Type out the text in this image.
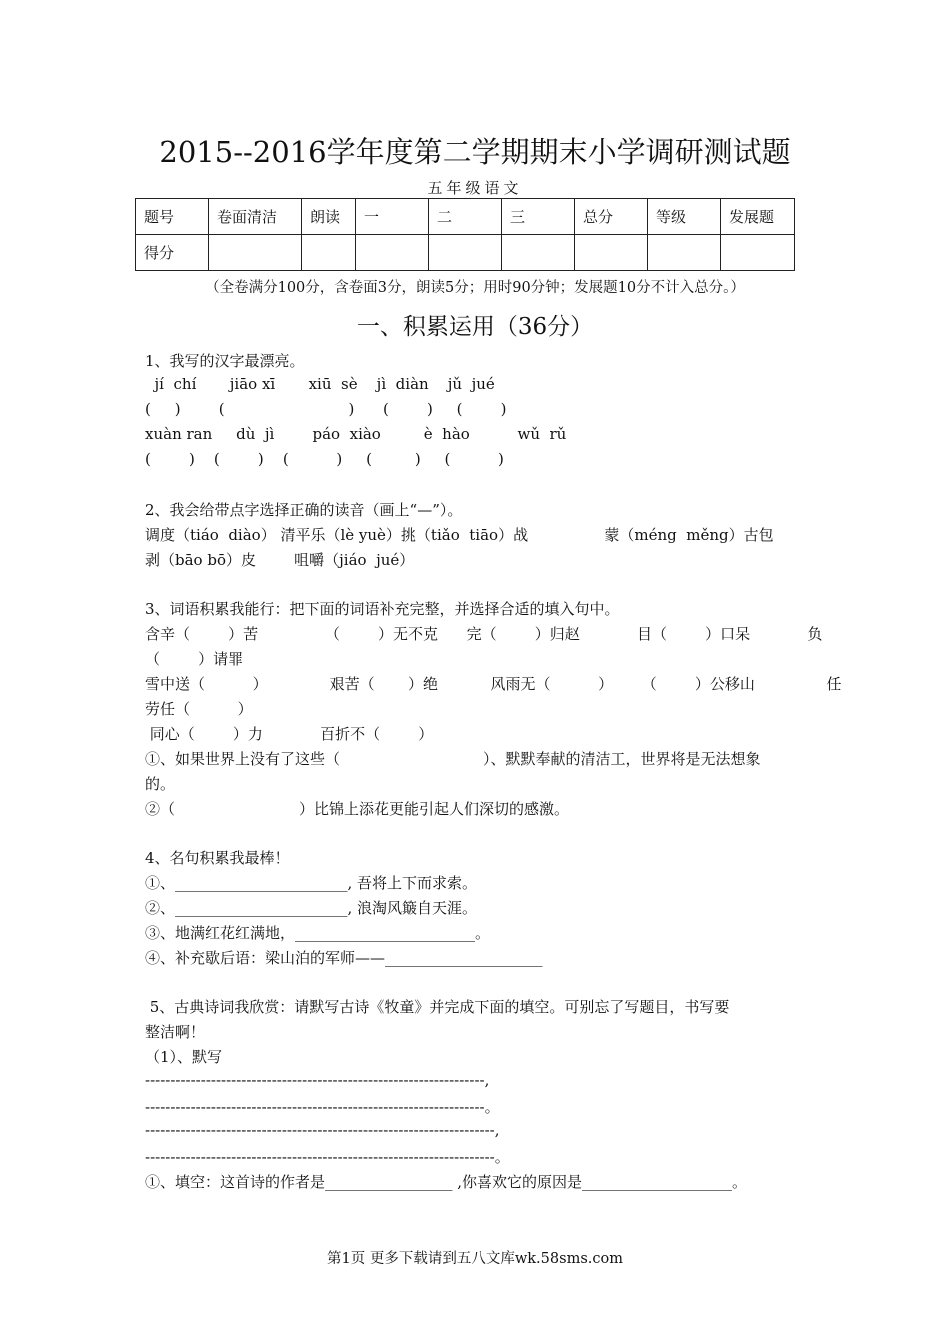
2015--2016学年度第二学期期末小学调研测试题
五年级语文
题号	卷面清洁	朗读	一	二	三	总分	等级	发展题
得分								
（全卷满分100分，含卷面3分，朗读5分；用时90分钟；发展题10分不计入总分。）
一、积累运用（36分）
1、我写的汉字最漂亮。
jí  chí       jiāo xī       xiū  sè    jì  diàn    jǔ  jué
(     )        (                          )      (        )     (        )
xuàn ran     dù  jì        páo  xiào         è  hào          wǔ  rǔ
(        )    (        )    (          )     (         )     (          )
2、我会给带点字选择正确的读音（画上“—”）。
调度（tiáo  diào） 清平乐（lè yuè）挑（tiǎo  tiāo）战                蒙（méng  měng）古包
剥（bāo bō）皮        咀嚼（jiáo  jué）
3、词语积累我能行：把下面的词语补充完整，并选择合适的填入句中。
含辛（        ）苦              （        ）无不克      完（        ）归赵            目（        ）口呆            负
（        ）请罪
雪中送（          ）             艰苦（       ）绝           风雨无（          ）      （        ）公移山               任
劳任（          ）
同心（        ）力            百折不（        ）
①、如果世界上没有了这些（                              ）、默默奉献的清洁工，世界将是无法想象
的。
②（                          ）比锦上添花更能引起人们深切的感激。
4、名句积累我最棒！
①、_______________________, 吾将上下而求索。
②、_______________________, 浪淘风簸自天涯。
③、地满红花红满地，________________________。
④、补充歇后语：梁山泊的军师——_____________________
5、古典诗词我欣赏：请默写古诗《牧童》并完成下面的填空。可别忘了写题目，书写要
整洁啊！
（1）、默写
-------------------------------------------------------------------,
-------------------------------------------------------------------。
---------------------------------------------------------------------,
---------------------------------------------------------------------。
①、填空：这首诗的作者是_________________ ,你喜欢它的原因是____________________。
第1页 更多下载请到五八文库wk.58sms.com
